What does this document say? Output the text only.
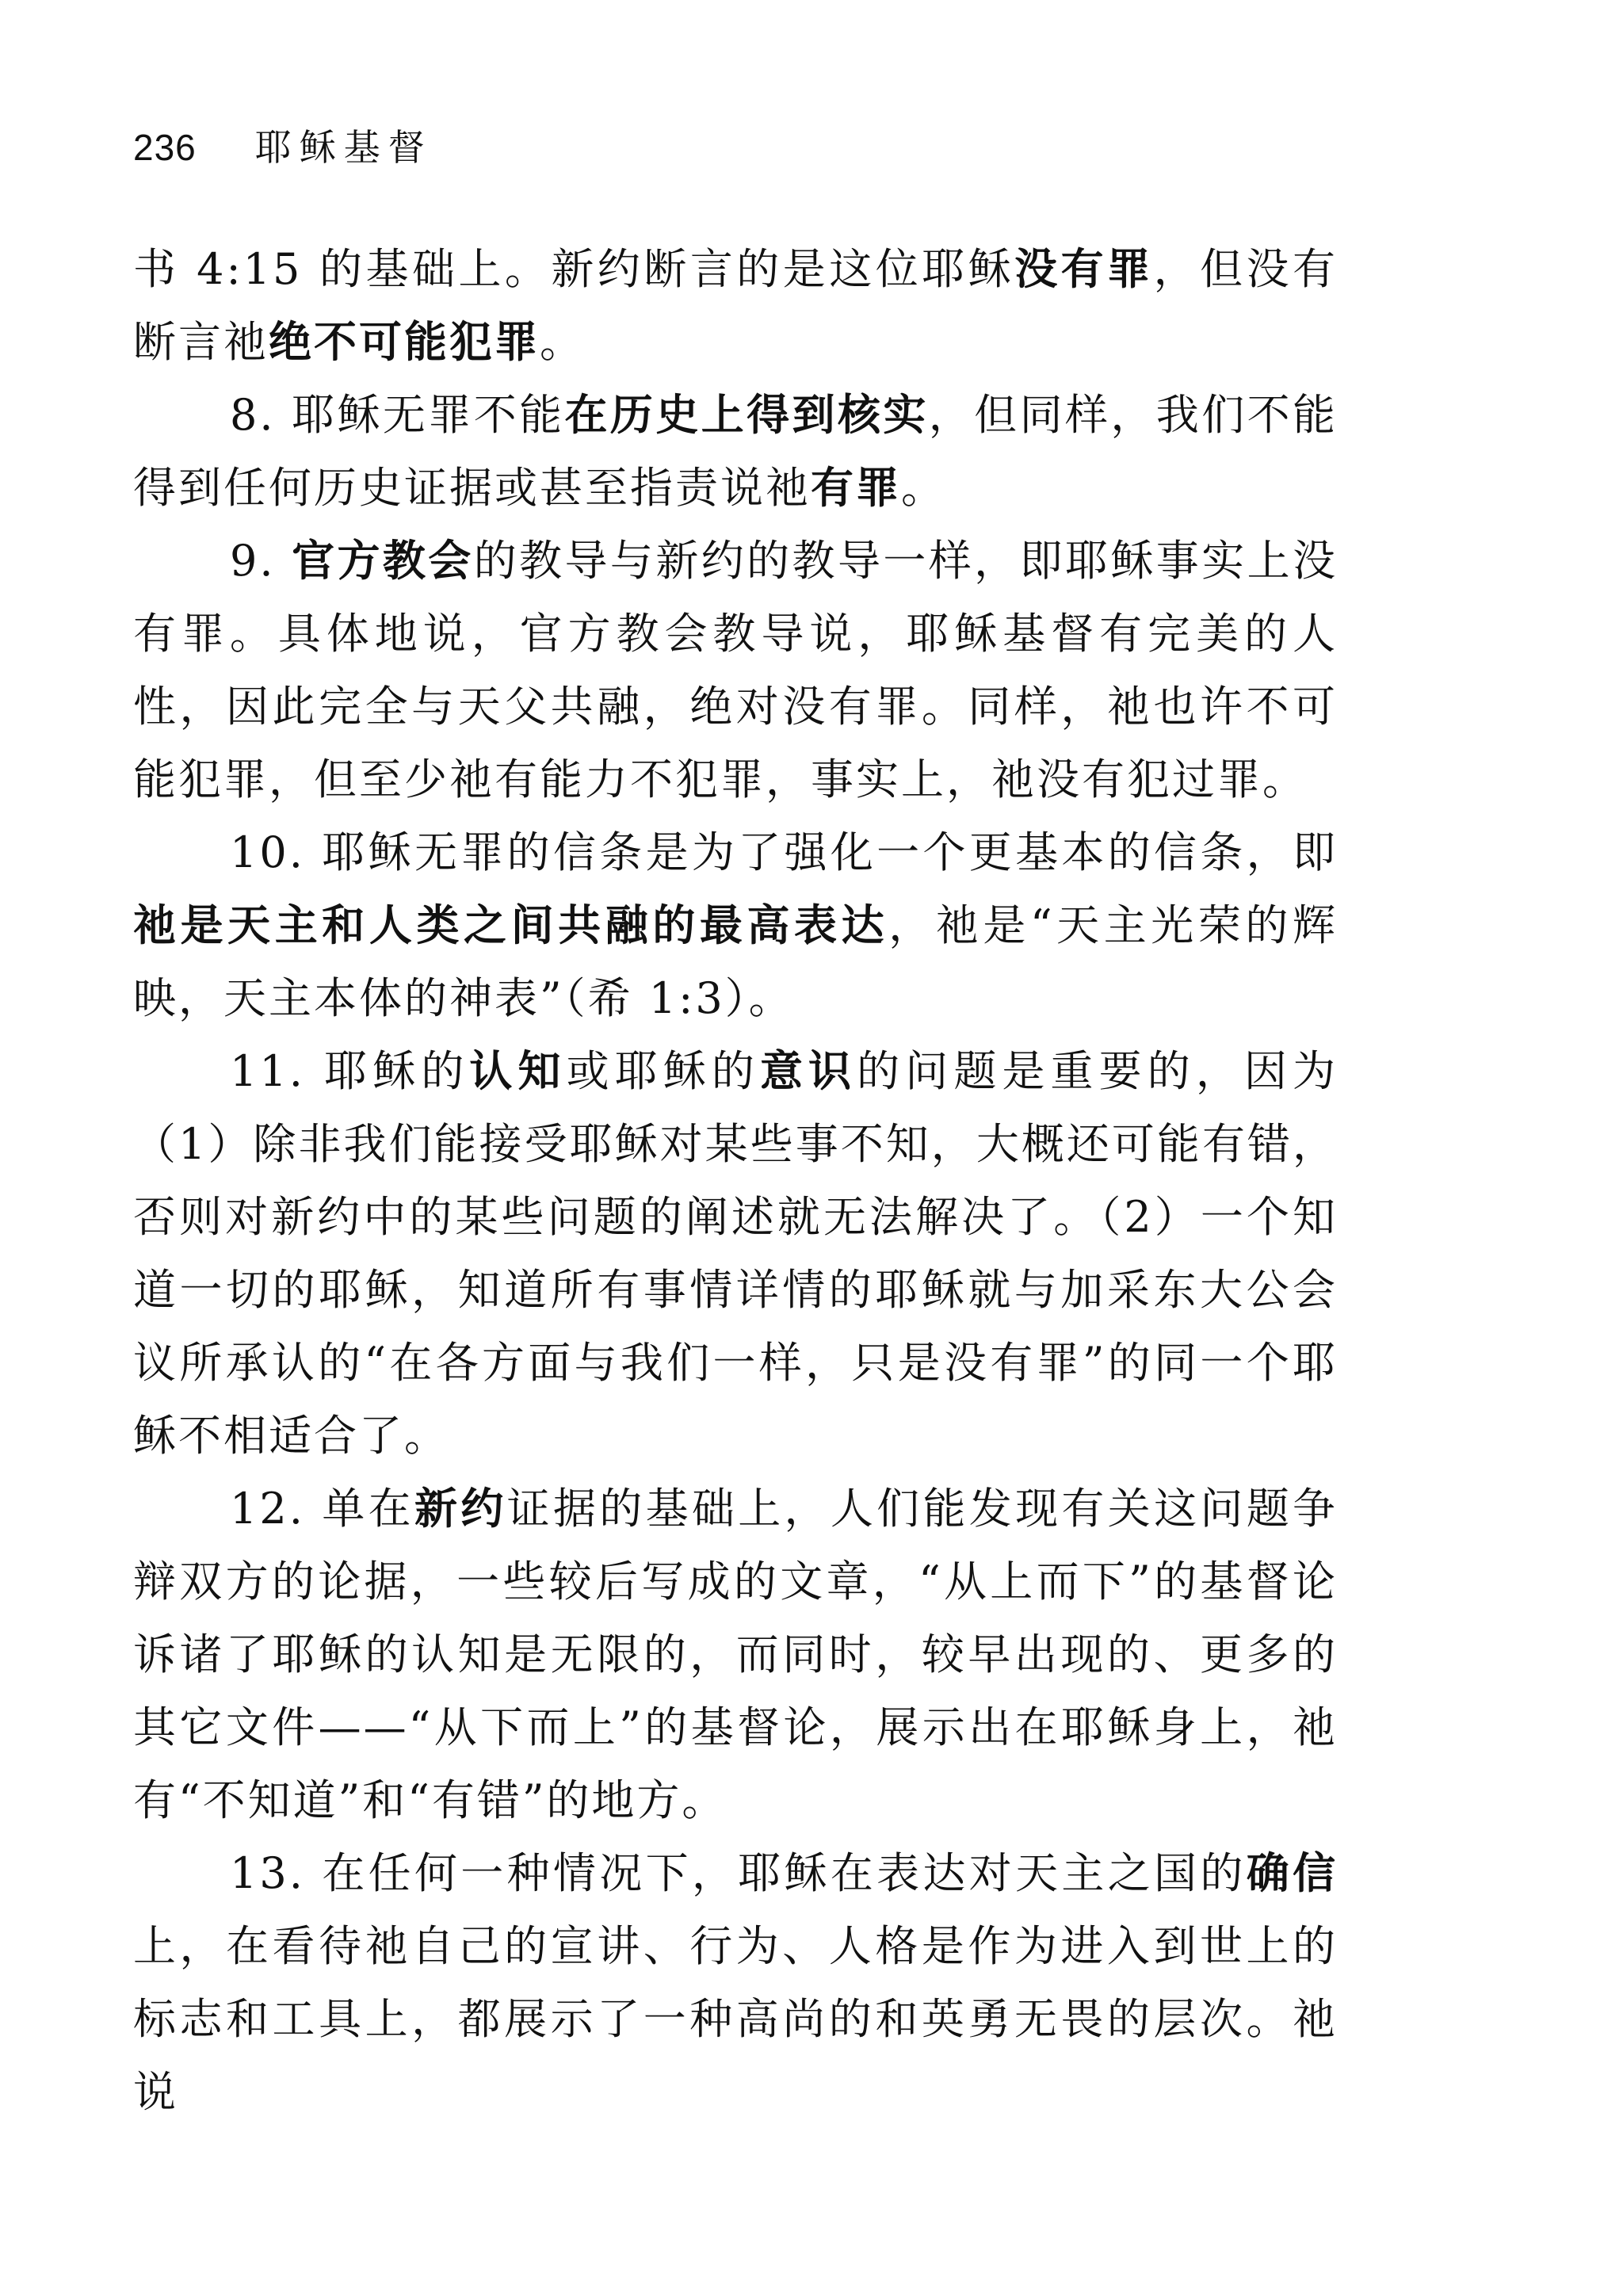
236 耶稣基督

书 4:15 的基础上。新约断言的是这位耶稣没有罪，但没有断言祂绝不可能犯罪。

8. 耶稣无罪不能在历史上得到核实，但同样，我们不能得到任何历史证据或甚至指责说祂有罪。

9. 官方教会的教导与新约的教导一样，即耶稣事实上没有罪。具体地说，官方教会教导说，耶稣基督有完美的人性，因此完全与天父共融，绝对没有罪。同样，祂也许不可能犯罪，但至少祂有能力不犯罪，事实上，祂没有犯过罪。

10. 耶稣无罪的信条是为了强化一个更基本的信条，即祂是天主和人类之间共融的最高表达，祂是“天主光荣的辉映，天主本体的神表”（希 1:3）。

11. 耶稣的认知或耶稣的意识的问题是重要的，因为（1）除非我们能接受耶稣对某些事不知，大概还可能有错，否则对新约中的某些问题的阐述就无法解决了。（2）一个知道一切的耶稣，知道所有事情详情的耶稣就与加采东大公会议所承认的“在各方面与我们一样，只是没有罪”的同一个耶稣不相适合了。

12. 单在新约证据的基础上，人们能发现有关这问题争辩双方的论据，一些较后写成的文章，“从上而下”的基督论诉诸了耶稣的认知是无限的，而同时，较早出现的、更多的其它文件——“从下而上”的基督论，展示出在耶稣身上，祂有“不知道”和“有错”的地方。

13. 在任何一种情况下，耶稣在表达对天主之国的确信上，在看待祂自己的宣讲、行为、人格是作为进入到世上的标志和工具上，都展示了一种高尚的和英勇无畏的层次。祂说
